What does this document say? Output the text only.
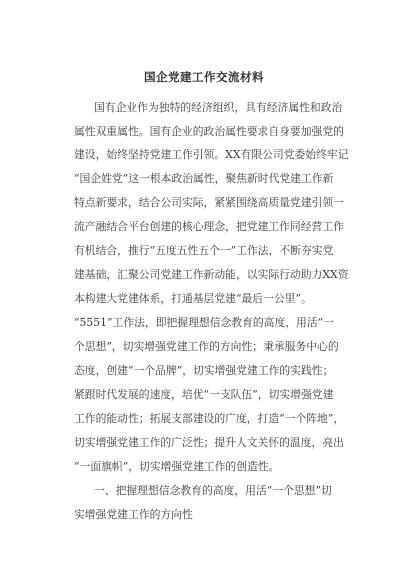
国企党建工作交流材料
国有企业作为独特的经济组织，具有经济属性和政治
属性双重属性。国有企业的政治属性要求自身要加强党的
建设，始终坚持党建工作引领。XX有限公司党委始终牢记
“国企姓党”这一根本政治属性，聚焦新时代党建工作新
特点新要求，结合公司实际，紧紧围绕高质量党建引领一
流产融结合平台创建的核心理念，把党建工作同经营工作
有机结合，推行“五度五性五个一”工作法，不断夯实党
建基础，汇聚公司党建工作新动能，以实际行动助力XX资
本构建大党建体系，打通基层党建“最后一公里”。
“5551”工作法，即把握理想信念教育的高度，用活“一
个思想”，切实增强党建工作的方向性；秉承服务中心的
态度，创建“一个品牌”，切实增强党建工作的实践性；
紧跟时代发展的速度，培优“一支队伍”，切实增强党建
工作的能动性；拓展支部建设的广度，打造“一个阵地”，
切实增强党建工作的广泛性；提升人文关怀的温度，亮出
“一面旗帜”，切实增强党建工作的创造性。
一、把握理想信念教育的高度，用活“一个思想”切
实增强党建工作的方向性
